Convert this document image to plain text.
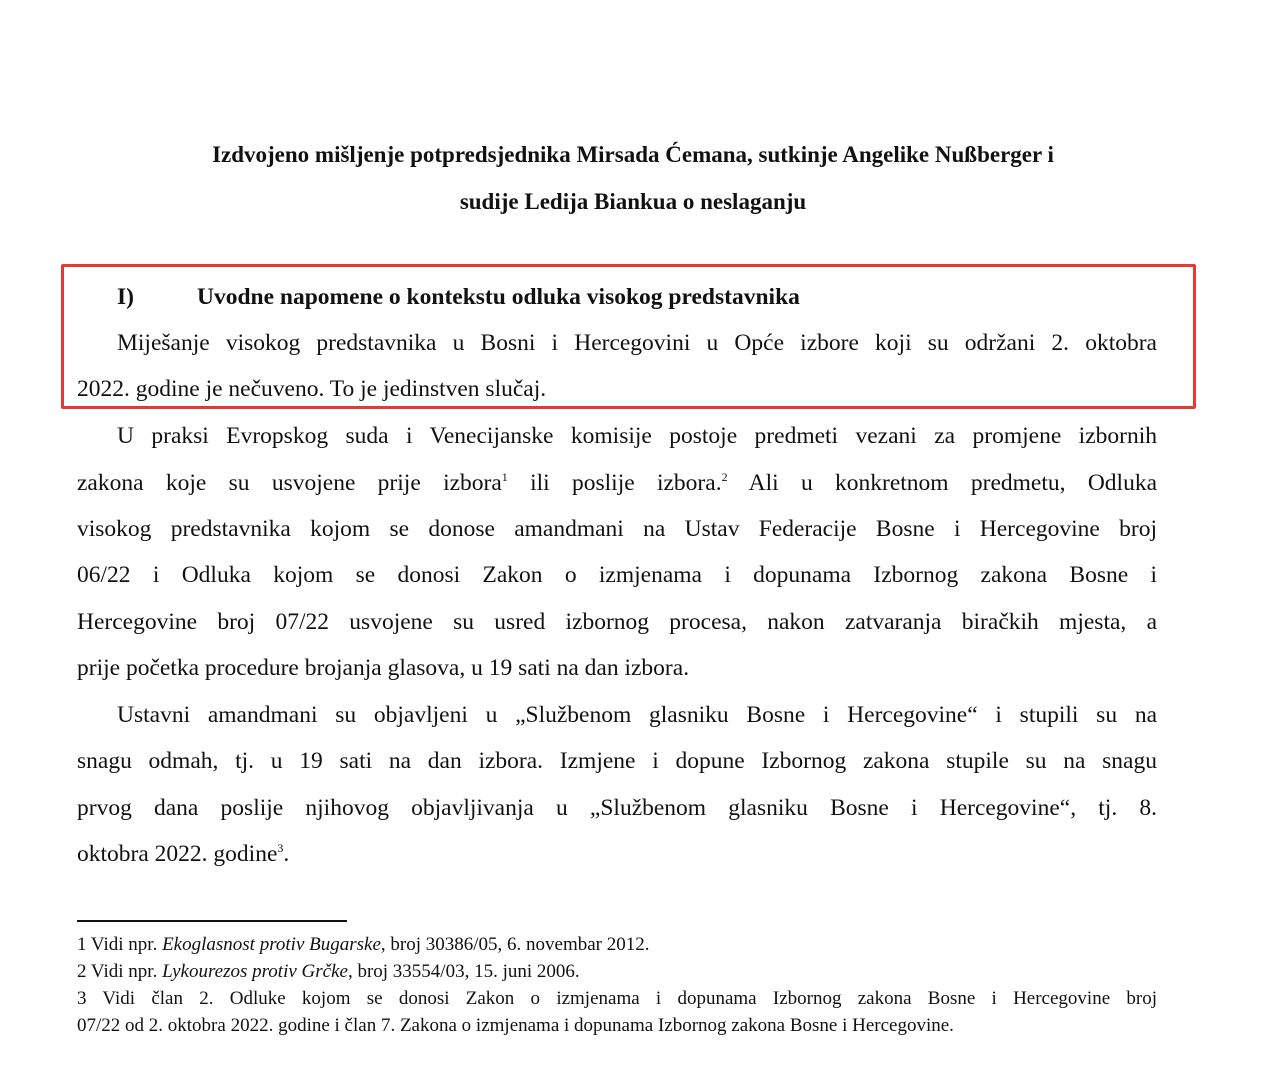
Izdvojeno mišljenje potpredsjednika Mirsada Ćemana, sutkinje Angelike Nußberger i
sudije Ledija Biankua o neslaganju
I)	Uvodne napomene o kontekstu odluka visokog predstavnika
Miješanje visokog predstavnika u Bosni i Hercegovini u Opće izbore koji su održani 2. oktobra
2022. godine je nečuveno. To je jedinstven slučaj.
U praksi Evropskog suda i Venecijanske komisije postoje predmeti vezani za promjene izbornih
zakona koje su usvojene prije izbora$^1$ ili poslije izbora.$^2$ Ali u konkretnom predmetu, Odluka
visokog predstavnika kojom se donose amandmani na Ustav Federacije Bosne i Hercegovine broj
06/22 i Odluka kojom se donosi Zakon o izmjenama i dopunama Izbornog zakona Bosne i
Hercegovine broj 07/22 usvojene su usred izbornog procesa, nakon zatvaranja biračkih mjesta, a
prije početka procedure brojanja glasova, u 19 sati na dan izbora.
Ustavni amandmani su objavljeni u „Službenom glasniku Bosne i Hercegovine“ i stupili su na
snagu odmah, tj. u 19 sati na dan izbora. Izmjene i dopune Izbornog zakona stupile su na snagu
prvog dana poslije njihovog objavljivanja u „Službenom glasniku Bosne i Hercegovine“, tj. 8.
oktobra 2022. godine$^3$.
1 Vidi npr. Ekoglasnost protiv Bugarske, broj 30386/05, 6. novembar 2012.
2 Vidi npr. Lykourezos protiv Grčke, broj 33554/03, 15. juni 2006.
3 Vidi član 2. Odluke kojom se donosi Zakon o izmjenama i dopunama Izbornog zakona Bosne i Hercegovine broj
07/22 od 2. oktobra 2022. godine i član 7. Zakona o izmjenama i dopunama Izbornog zakona Bosne i Hercegovine.
